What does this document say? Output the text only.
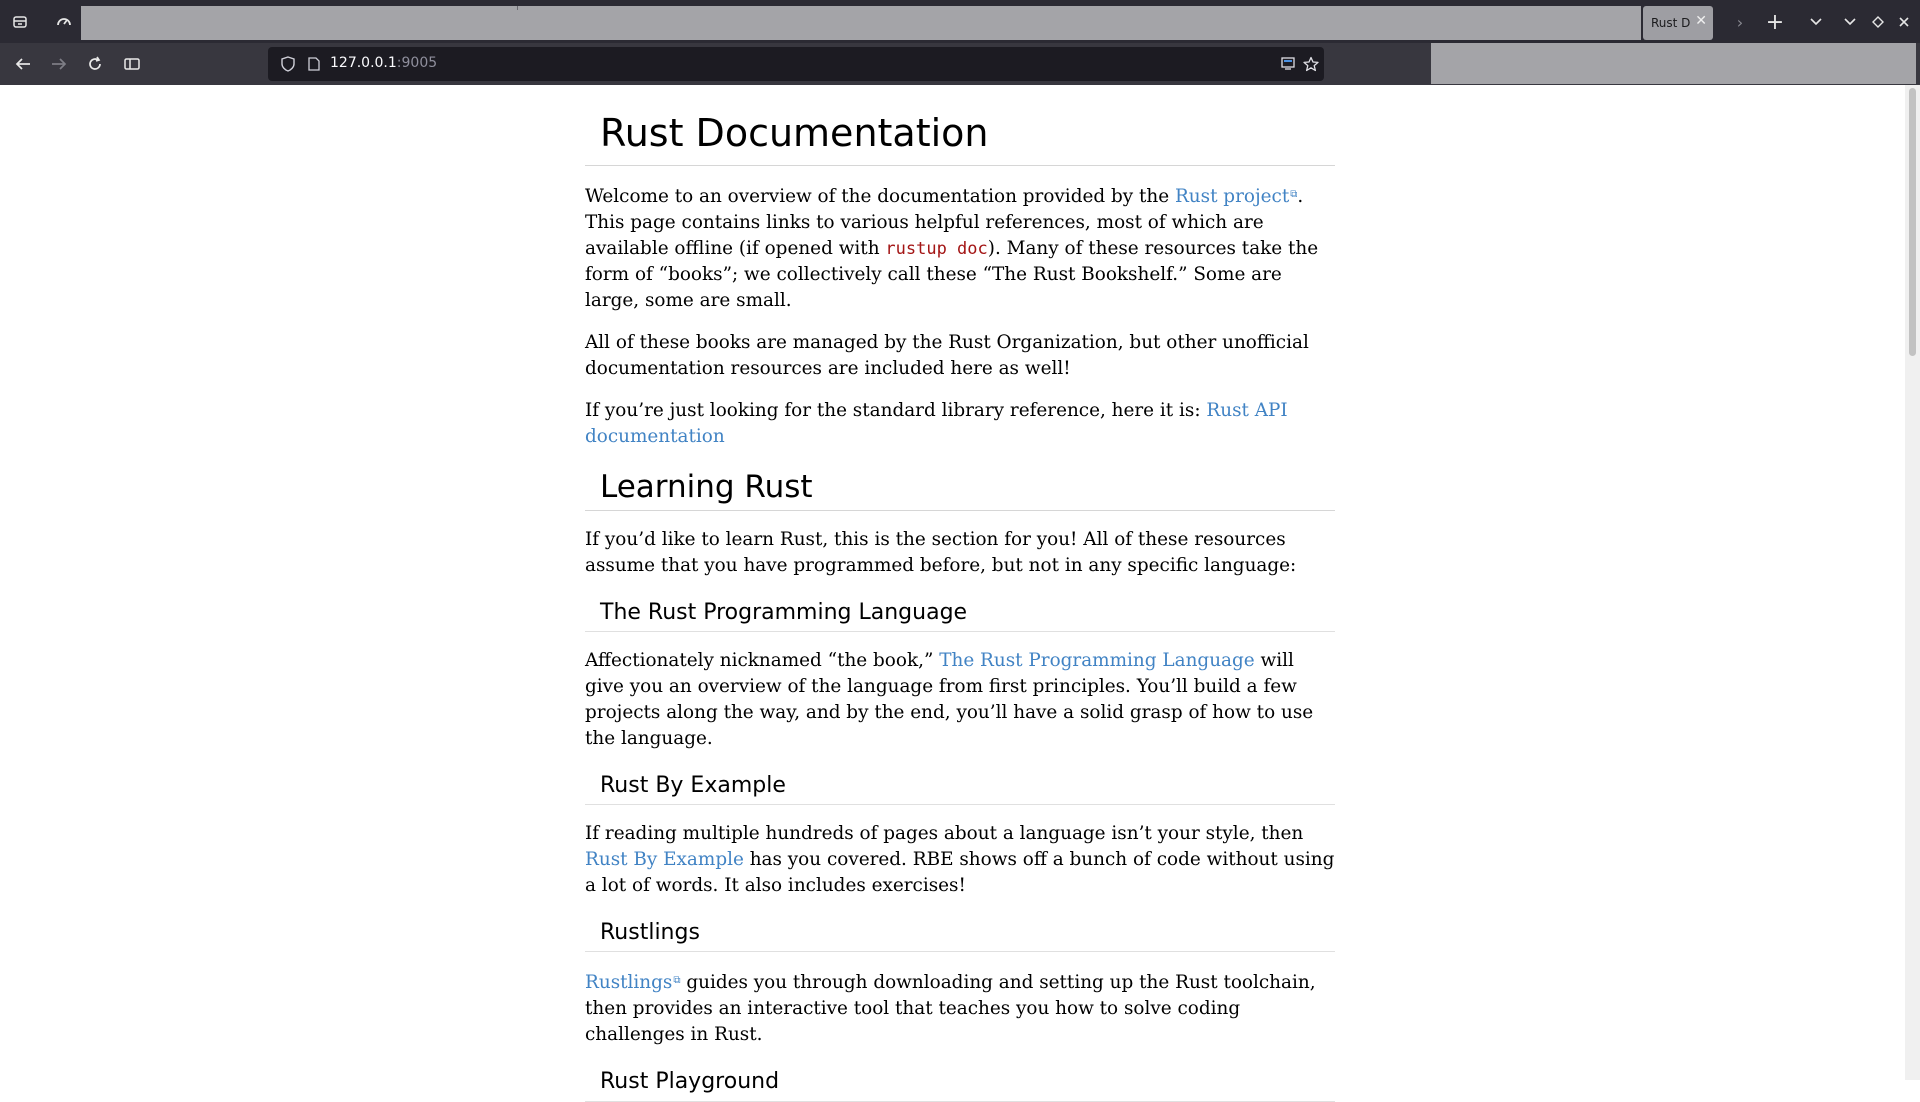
Rust D ✕	›	+
127.0.0.1:9005
Rust Documentation

Welcome to an overview of the documentation provided by the Rust project⧉. This page contains links to various helpful references, most of which are available offline (if opened with rustup doc). Many of these resources take the form of “books”; we collectively call these “The Rust Bookshelf.” Some are large, some are small.

All of these books are managed by the Rust Organization, but other unofficial documentation resources are included here as well!

If you’re just looking for the standard library reference, here it is: Rust API documentation

Learning Rust

If you’d like to learn Rust, this is the section for you! All of these resources assume that you have programmed before, but not in any specific language:

The Rust Programming Language

Affectionately nicknamed “the book,” The Rust Programming Language will give you an overview of the language from first principles. You’ll build a few projects along the way, and by the end, you’ll have a solid grasp of how to use the language.

Rust By Example

If reading multiple hundreds of pages about a language isn’t your style, then Rust By Example has you covered. RBE shows off a bunch of code without using a lot of words. It also includes exercises!

Rustlings

Rustlings⧉ guides you through downloading and setting up the Rust toolchain, then provides an interactive tool that teaches you how to solve coding challenges in Rust.

Rust Playground
